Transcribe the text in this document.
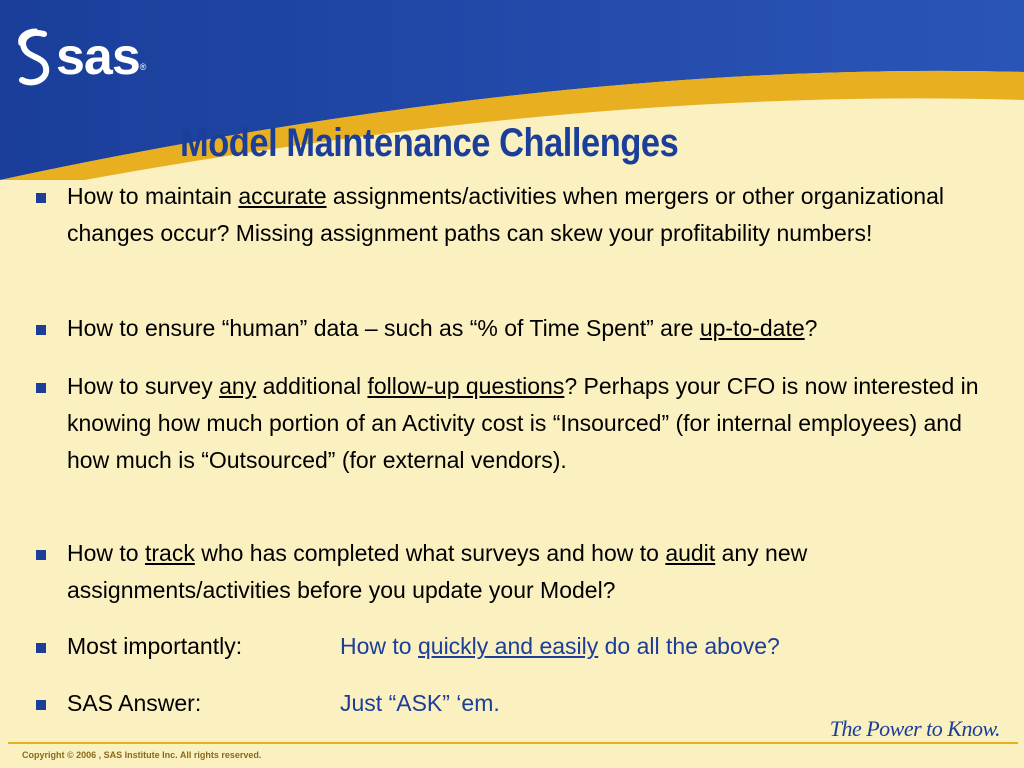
sas ®
Model Maintenance Challenges
How to maintain accurate assignments/activities when mergers or other organizational changes occur? Missing assignment paths can skew your profitability numbers!
How to ensure “human” data – such as “% of Time Spent” are up-to-date?
How to survey any additional follow-up questions? Perhaps your CFO is now interested in knowing how much portion of an Activity cost is “Insourced” (for internal employees) and how much is “Outsourced” (for external vendors).
How to track who has completed what surveys and how to audit any new assignments/activities before you update your Model?
Most importantly:	How to quickly and easily do all the above?
SAS Answer:	Just “ASK” ‘em.
The Power to Know.
Copyright © 2006 , SAS Institute Inc. All rights reserved.
